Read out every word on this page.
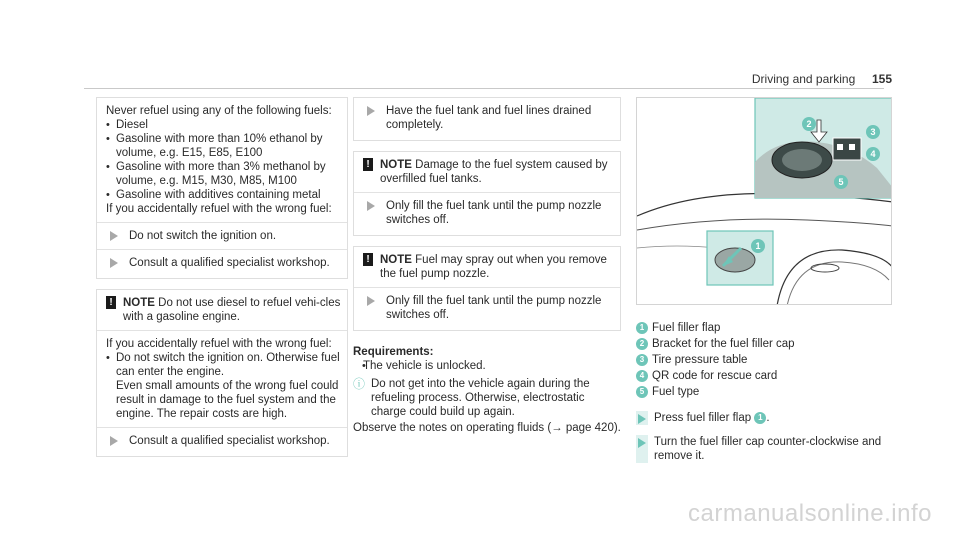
Driving and parking 155

Never refuel using any of the following fuels:

• Diesel
• Gasoline with more than 10% ethanol by volume, e.g. E15, E85, E100
• Gasoline with more than 3% methanol by volume, e.g. M15, M30, M85, M100
• Gasoline with additives containing metal

If you accidentally refuel with the wrong fuel:

Do not switch the ignition on.
Consult a qualified specialist workshop.
! NOTE Do not use diesel to refuel vehi-cles with a gasoline engine.

If you accidentally refuel with the wrong fuel:

• Do not switch the ignition on. Otherwise fuel can enter the engine.

Even small amounts of the wrong fuel could result in damage to the fuel system and the engine. The repair costs are high.

Consult a qualified specialist workshop.
Have the fuel tank and fuel lines drained completely.
! NOTE Damage to the fuel system caused by overfilled fuel tanks.
Only fill the fuel tank until the pump nozzle switches off.
! NOTE Fuel may spray out when you remove the fuel pump nozzle.
Only fill the fuel tank until the pump nozzle switches off.

Requirements:

• The vehicle is unlocked.
ⓘ Do not get into the vehicle again during the refueling process. Otherwise, electrostatic charge could build up again.

Observe the notes on operating fluids (→ page 420).

1
2
3
4
5
1 Fuel filler flap
2 Bracket for the fuel filler cap
3 Tire pressure table
4 QR code for rescue card
5 Fuel type
Press fuel filler flap 1 .
Turn the fuel filler cap counter-clockwise and remove it.
carmanualsonline.info
